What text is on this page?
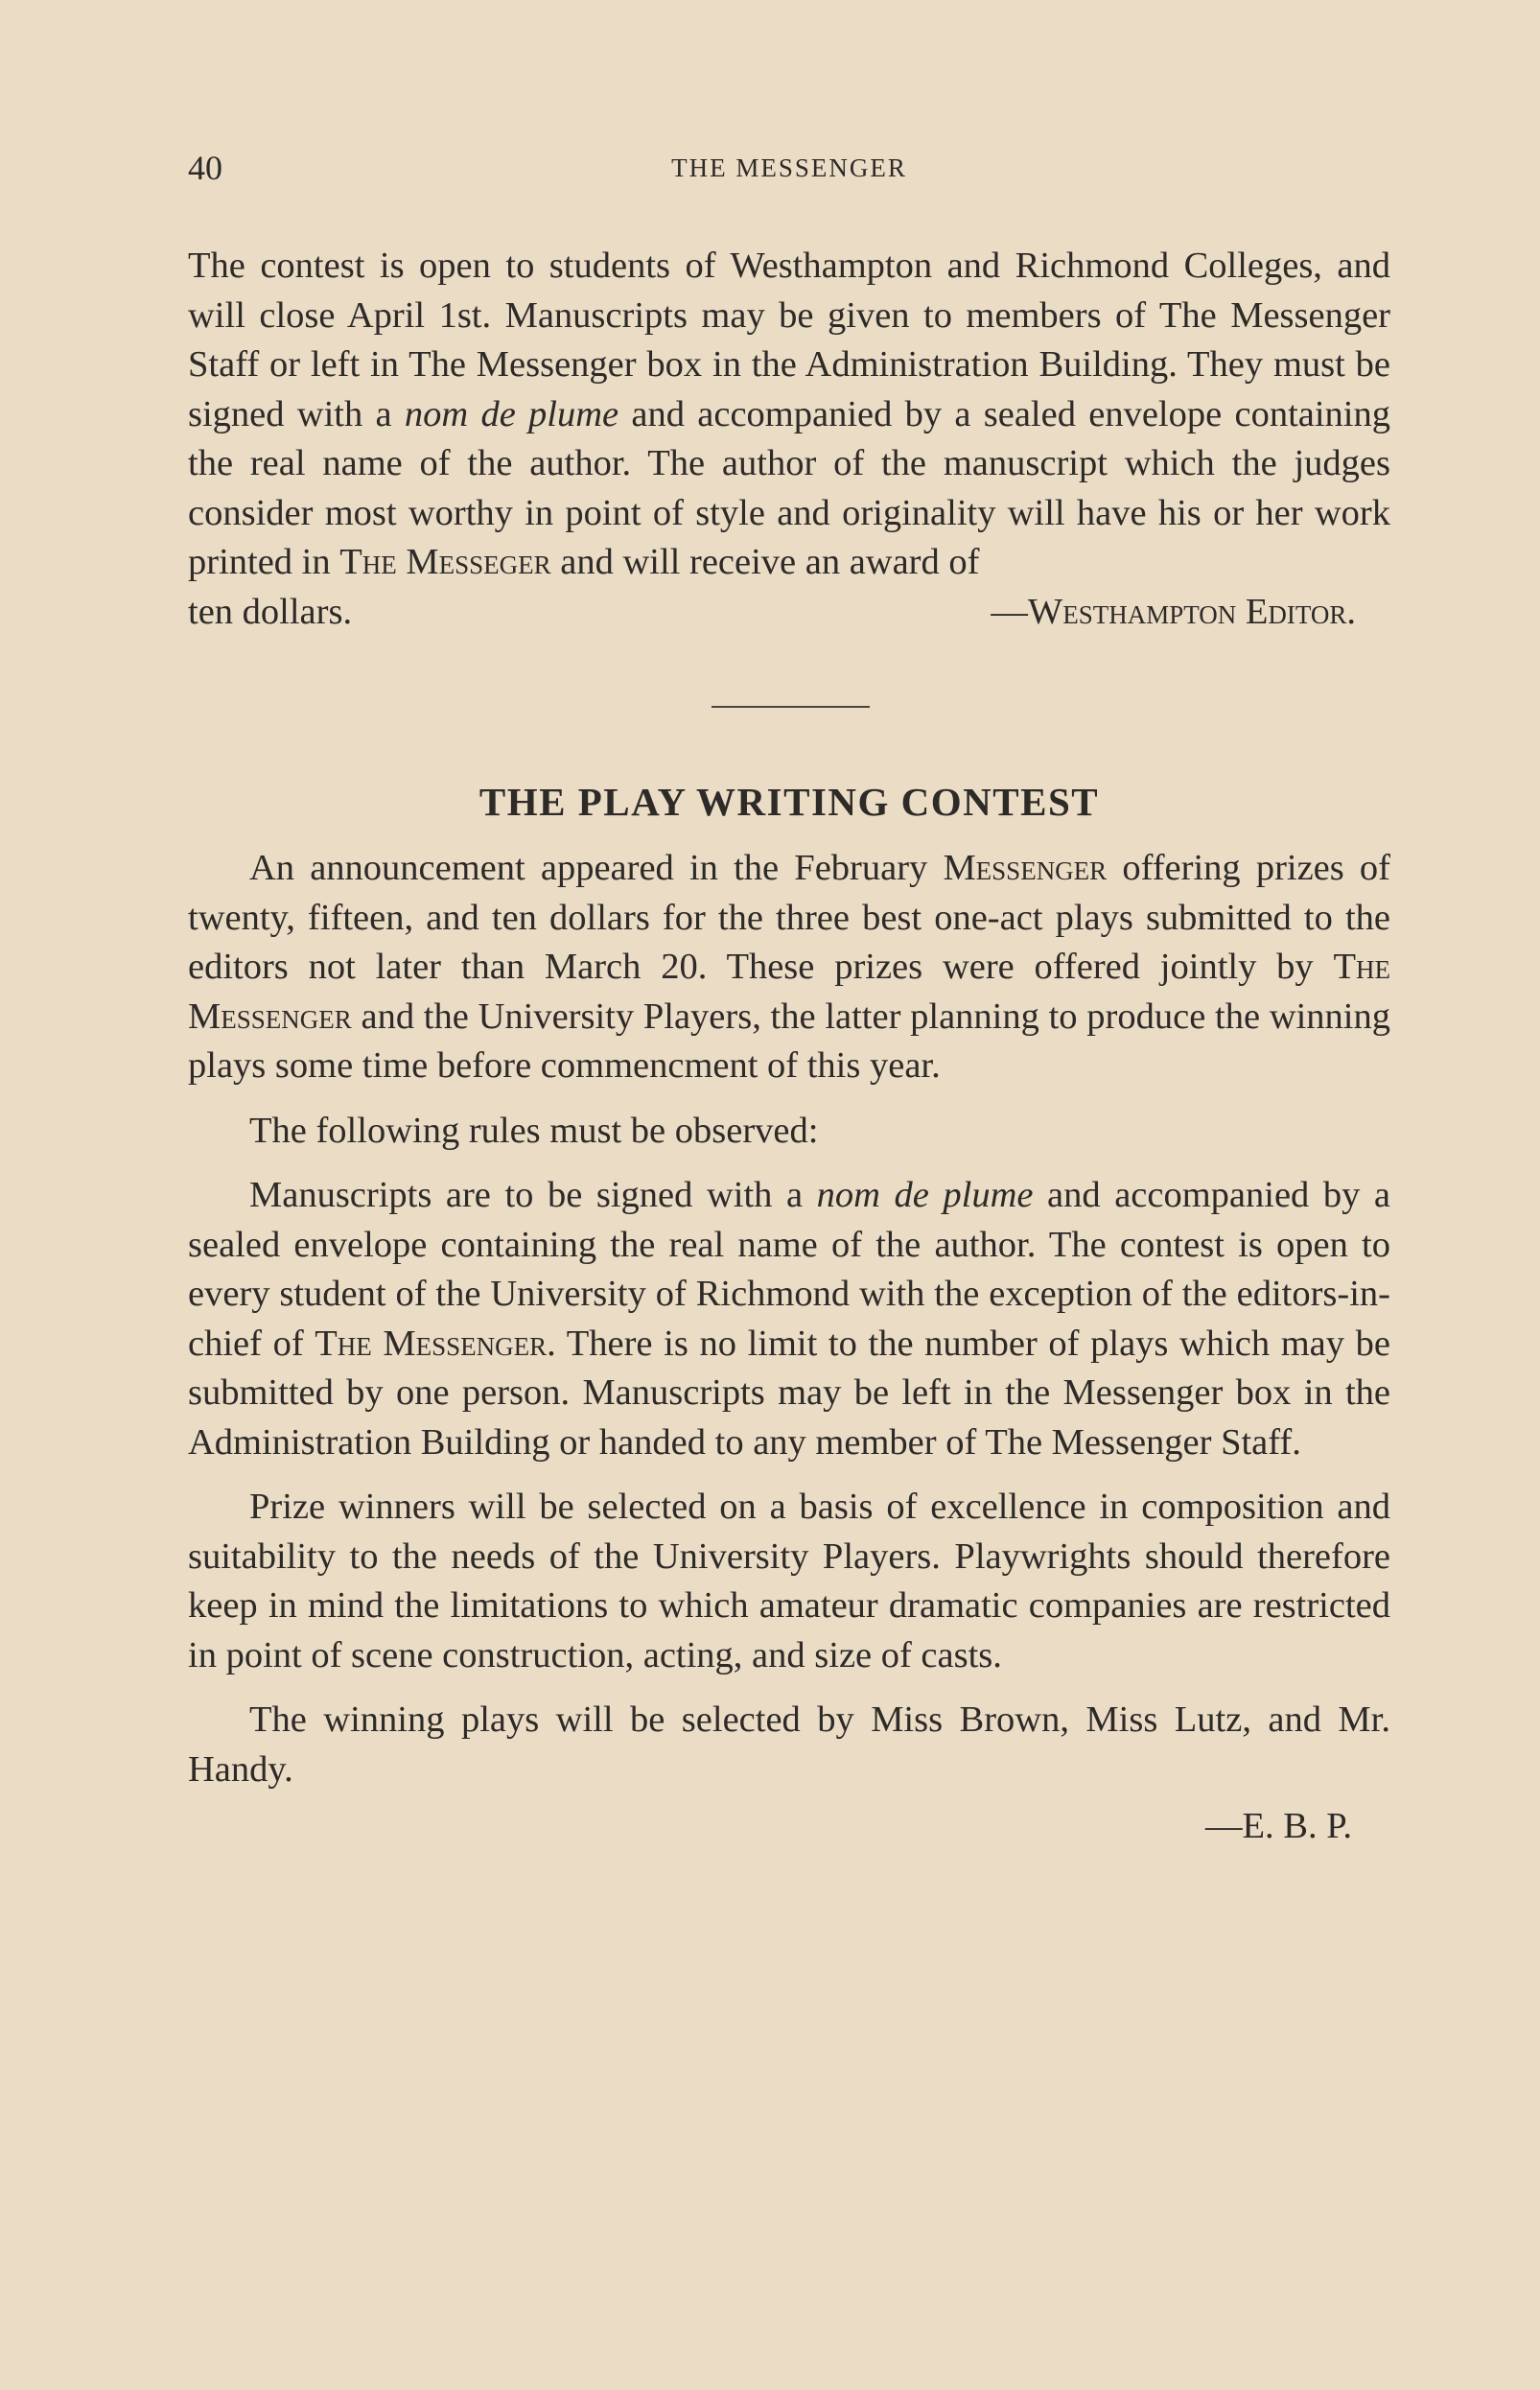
40	THE MESSENGER

The contest is open to students of Westhampton and Richmond Colleges, and will close April 1st. Manuscripts may be given to members of The Messenger Staff or left in The Messenger box in the Administration Building. They must be signed with a nom de plume and accompanied by a sealed envelope containing the real name of the author. The author of the manuscript which the judges consider most worthy in point of style and originality will have his or her work printed in The Messeger and will receive an award of

ten dollars.	—Westhampton Editor.
THE PLAY WRITING CONTEST

An announcement appeared in the February Messenger offering prizes of twenty, fifteen, and ten dollars for the three best one-act plays submitted to the editors not later than March 20. These prizes were offered jointly by The Messenger and the University Players, the latter planning to produce the winning plays some time before commencment of this year.

The following rules must be observed:

Manuscripts are to be signed with a nom de plume and accompanied by a sealed envelope containing the real name of the author. The contest is open to every student of the University of Richmond with the exception of the editors-in-chief of The Messenger. There is no limit to the number of plays which may be submitted by one person. Manuscripts may be left in the Messenger box in the Administration Building or handed to any member of The Messenger Staff.

Prize winners will be selected on a basis of excellence in composition and suitability to the needs of the University Players. Playwrights should therefore keep in mind the limitations to which amateur dramatic companies are restricted in point of scene construction, acting, and size of casts.

The winning plays will be selected by Miss Brown, Miss Lutz, and Mr. Handy.

—E. B. P.
